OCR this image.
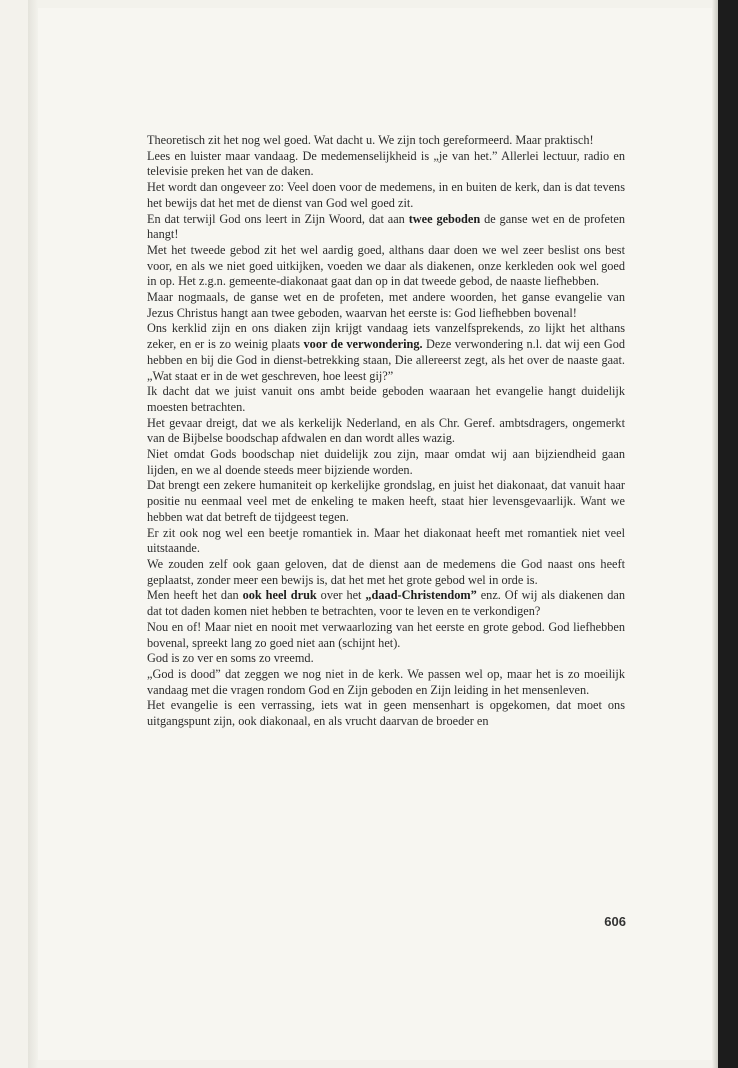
Theoretisch zit het nog wel goed. Wat dacht u. We zijn toch gereformeerd. Maar praktisch!

Lees en luister maar vandaag. De medemenselijkheid is „je van het.” Allerlei lectuur, radio en televisie preken het van de daken.

Het wordt dan ongeveer zo: Veel doen voor de medemens, in en buiten de kerk, dan is dat tevens het bewijs dat het met de dienst van God wel goed zit.

En dat terwijl God ons leert in Zijn Woord, dat aan twee geboden de ganse wet en de profeten hangt!

Met het tweede gebod zit het wel aardig goed, althans daar doen we wel zeer beslist ons best voor, en als we niet goed uitkijken, voeden we daar als diakenen, onze kerkleden ook wel goed in op. Het z.g.n. gemeente-diakonaat gaat dan op in dat tweede gebod, de naaste liefhebben.

Maar nogmaals, de ganse wet en de profeten, met andere woorden, het ganse evangelie van Jezus Christus hangt aan twee geboden, waarvan het eerste is: God liefhebben bovenal!

Ons kerklid zijn en ons diaken zijn krijgt vandaag iets vanzelfsprekends, zo lijkt het althans zeker, en er is zo weinig plaats voor de verwondering. Deze verwondering n.l. dat wij een God hebben en bij die God in dienst-betrekking staan, Die allereerst zegt, als het over de naaste gaat. „Wat staat er in de wet geschreven, hoe leest gij?”

Ik dacht dat we juist vanuit ons ambt beide geboden waaraan het evangelie hangt duidelijk moesten betrachten.

Het gevaar dreigt, dat we als kerkelijk Nederland, en als Chr. Geref. ambtsdragers, ongemerkt van de Bijbelse boodschap afdwalen en dan wordt alles wazig.

Niet omdat Gods boodschap niet duidelijk zou zijn, maar omdat wij aan bijziendheid gaan lijden, en we al doende steeds meer bijziende worden.

Dat brengt een zekere humaniteit op kerkelijke grondslag, en juist het diakonaat, dat vanuit haar positie nu eenmaal veel met de enkeling te maken heeft, staat hier levensgevaarlijk. Want we hebben wat dat betreft de tijdgeest tegen.

Er zit ook nog wel een beetje romantiek in. Maar het diakonaat heeft met romantiek niet veel uitstaande.

We zouden zelf ook gaan geloven, dat de dienst aan de medemens die God naast ons heeft geplaatst, zonder meer een bewijs is, dat het met het grote gebod wel in orde is.

Men heeft het dan ook heel druk over het „daad-Christendom” enz. Of wij als diakenen dan dat tot daden komen niet hebben te betrachten, voor te leven en te verkondigen?

Nou en of! Maar niet en nooit met verwaarlozing van het eerste en grote gebod. God liefhebben bovenal, spreekt lang zo goed niet aan (schijnt het).

God is zo ver en soms zo vreemd.

„God is dood” dat zeggen we nog niet in de kerk. We passen wel op, maar het is zo moeilijk vandaag met die vragen rondom God en Zijn geboden en Zijn leiding in het mensenleven.

Het evangelie is een verrassing, iets wat in geen mensenhart is opgekomen, dat moet ons uitgangspunt zijn, ook diakonaal, en als vrucht daarvan de broeder en

606
